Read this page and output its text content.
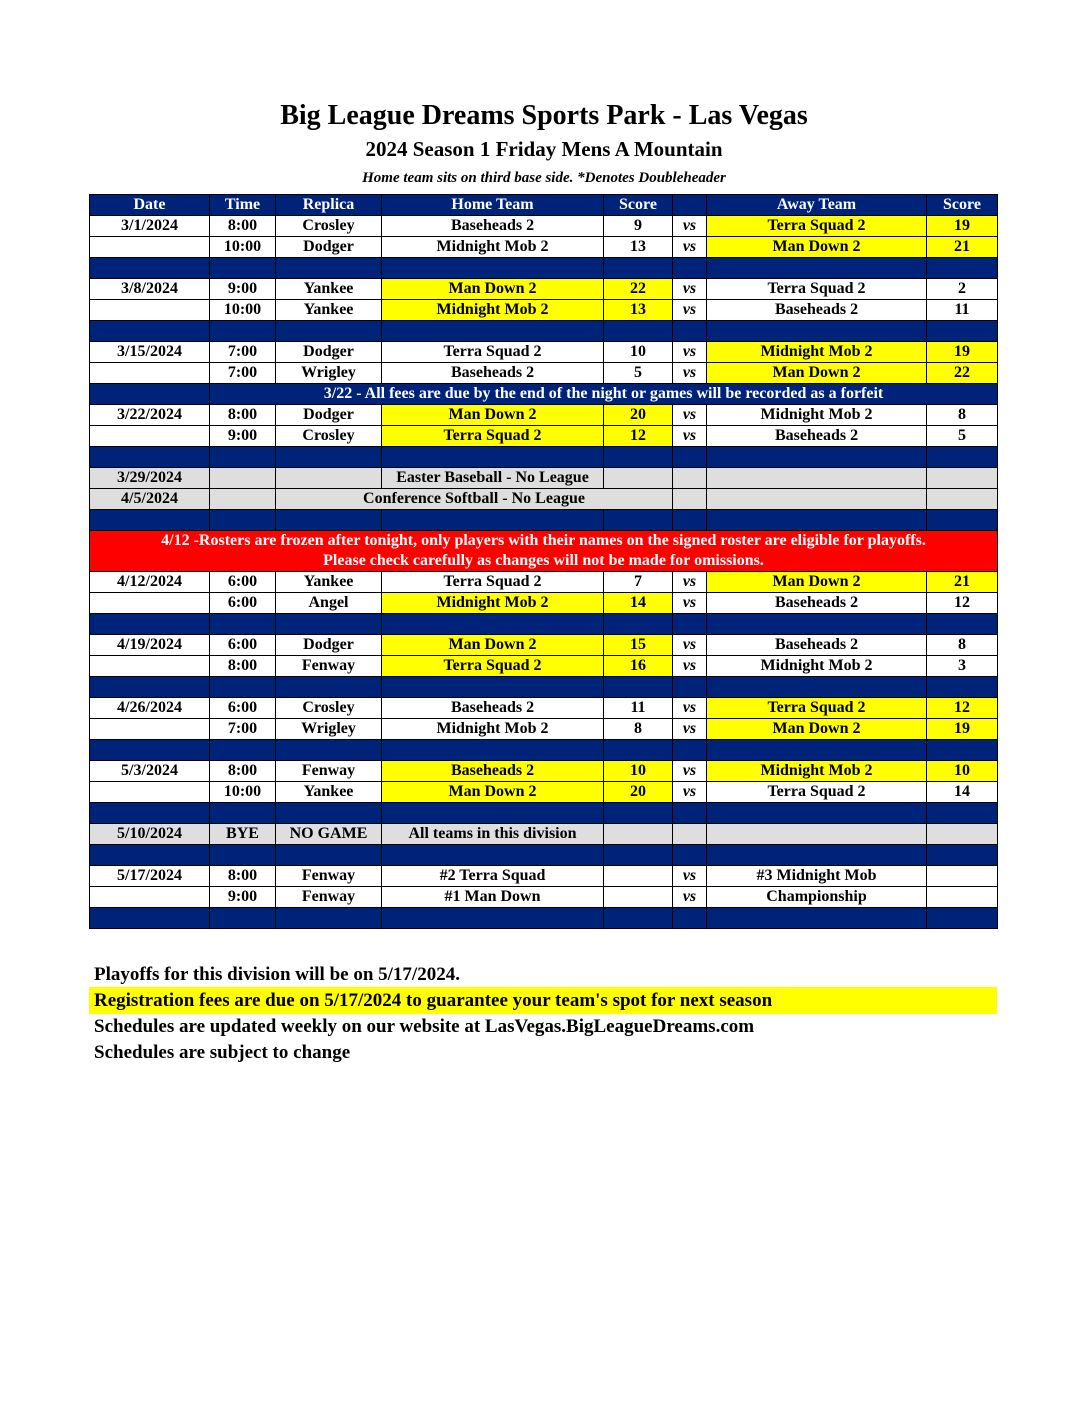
Big League Dreams Sports Park - Las Vegas
2024 Season 1 Friday Mens A Mountain
Home team sits on third base side. *Denotes Doubleheader
Date	Time	Replica	Home Team	Score		Away Team	Score
3/1/2024	8:00	Crosley	Baseheads 2	9	vs	Terra Squad 2	19
	10:00	Dodger	Midnight Mob 2	13	vs	Man Down 2	21

3/8/2024	9:00	Yankee	Man Down 2	22	vs	Terra Squad 2	2
	10:00	Yankee	Midnight Mob 2	13	vs	Baseheads 2	11

3/15/2024	7:00	Dodger	Terra Squad 2	10	vs	Midnight Mob 2	19
	7:00	Wrigley	Baseheads 2	5	vs	Man Down 2	22
	3/22 - All fees are due by the end of the night or games will be recorded as a forfeit						
3/22/2024	8:00	Dodger	Man Down 2	20	vs	Midnight Mob 2	8
	9:00	Crosley	Terra Squad 2	12	vs	Baseheads 2	5

3/29/2024			Easter Baseball - No League				
4/5/2024		Conference Softball - No League					

4/12 -Rosters are frozen after tonight, only players with their names on the signed roster are eligible for playoffs.
Please check carefully as changes will not be made for omissions.							

4/12/2024	6:00	Yankee	Terra Squad 2	7	vs	Man Down 2	21
	6:00	Angel	Midnight Mob 2	14	vs	Baseheads 2	12

4/19/2024	6:00	Dodger	Man Down 2	15	vs	Baseheads 2	8
	8:00	Fenway	Terra Squad 2	16	vs	Midnight Mob 2	3

4/26/2024	6:00	Crosley	Baseheads 2	11	vs	Terra Squad 2	12
	7:00	Wrigley	Midnight Mob 2	8	vs	Man Down 2	19

5/3/2024	8:00	Fenway	Baseheads 2	10	vs	Midnight Mob 2	10
	10:00	Yankee	Man Down 2	20	vs	Terra Squad 2	14

5/10/2024	BYE	NO GAME	All teams in this division				

5/17/2024	8:00	Fenway	#2 Terra Squad		vs	#3 Midnight Mob	
	9:00	Fenway	#1 Man Down		vs	Championship	

Playoffs for this division will be on 5/17/2024.
Registration fees are due on 5/17/2024 to guarantee your team's spot for next season
Schedules are updated weekly on our website at LasVegas.BigLeagueDreams.com
Schedules are subject to change
